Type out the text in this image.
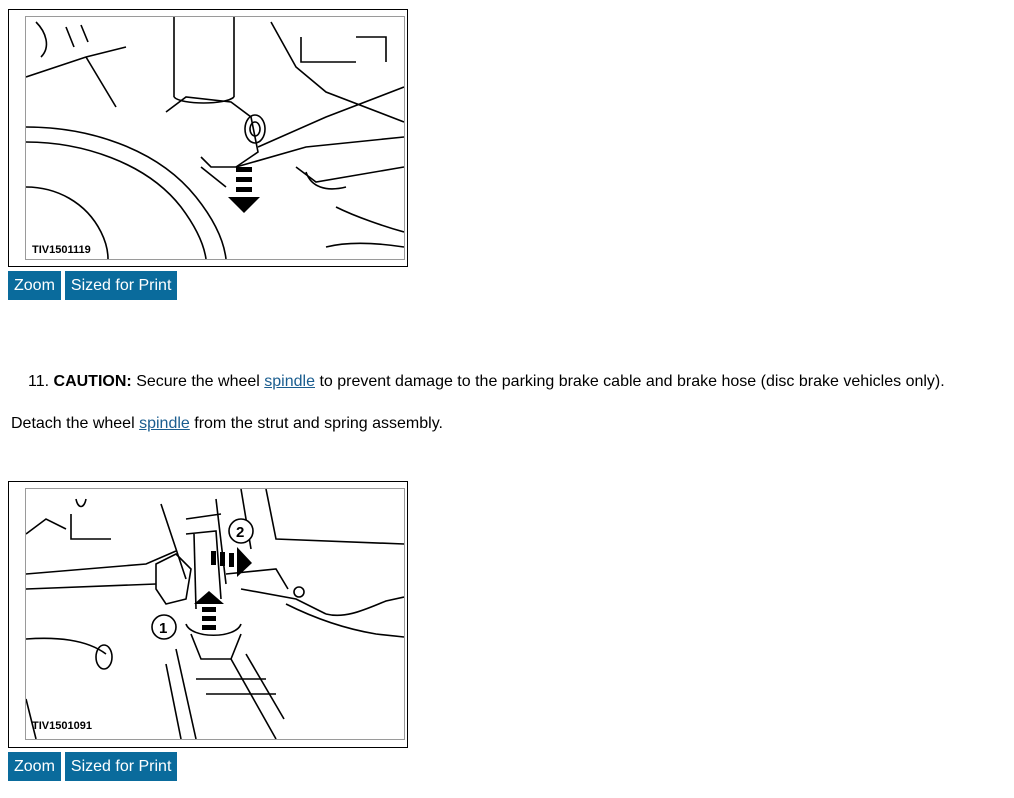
TIV1501119
Zoom	Sized for Print
11. CAUTION: Secure the wheel spindle to prevent damage to the parking brake cable and brake hose (disc brake vehicles only).
Detach the wheel spindle from the strut and spring assembly.
1
2
TIV1501091
Zoom	Sized for Print
